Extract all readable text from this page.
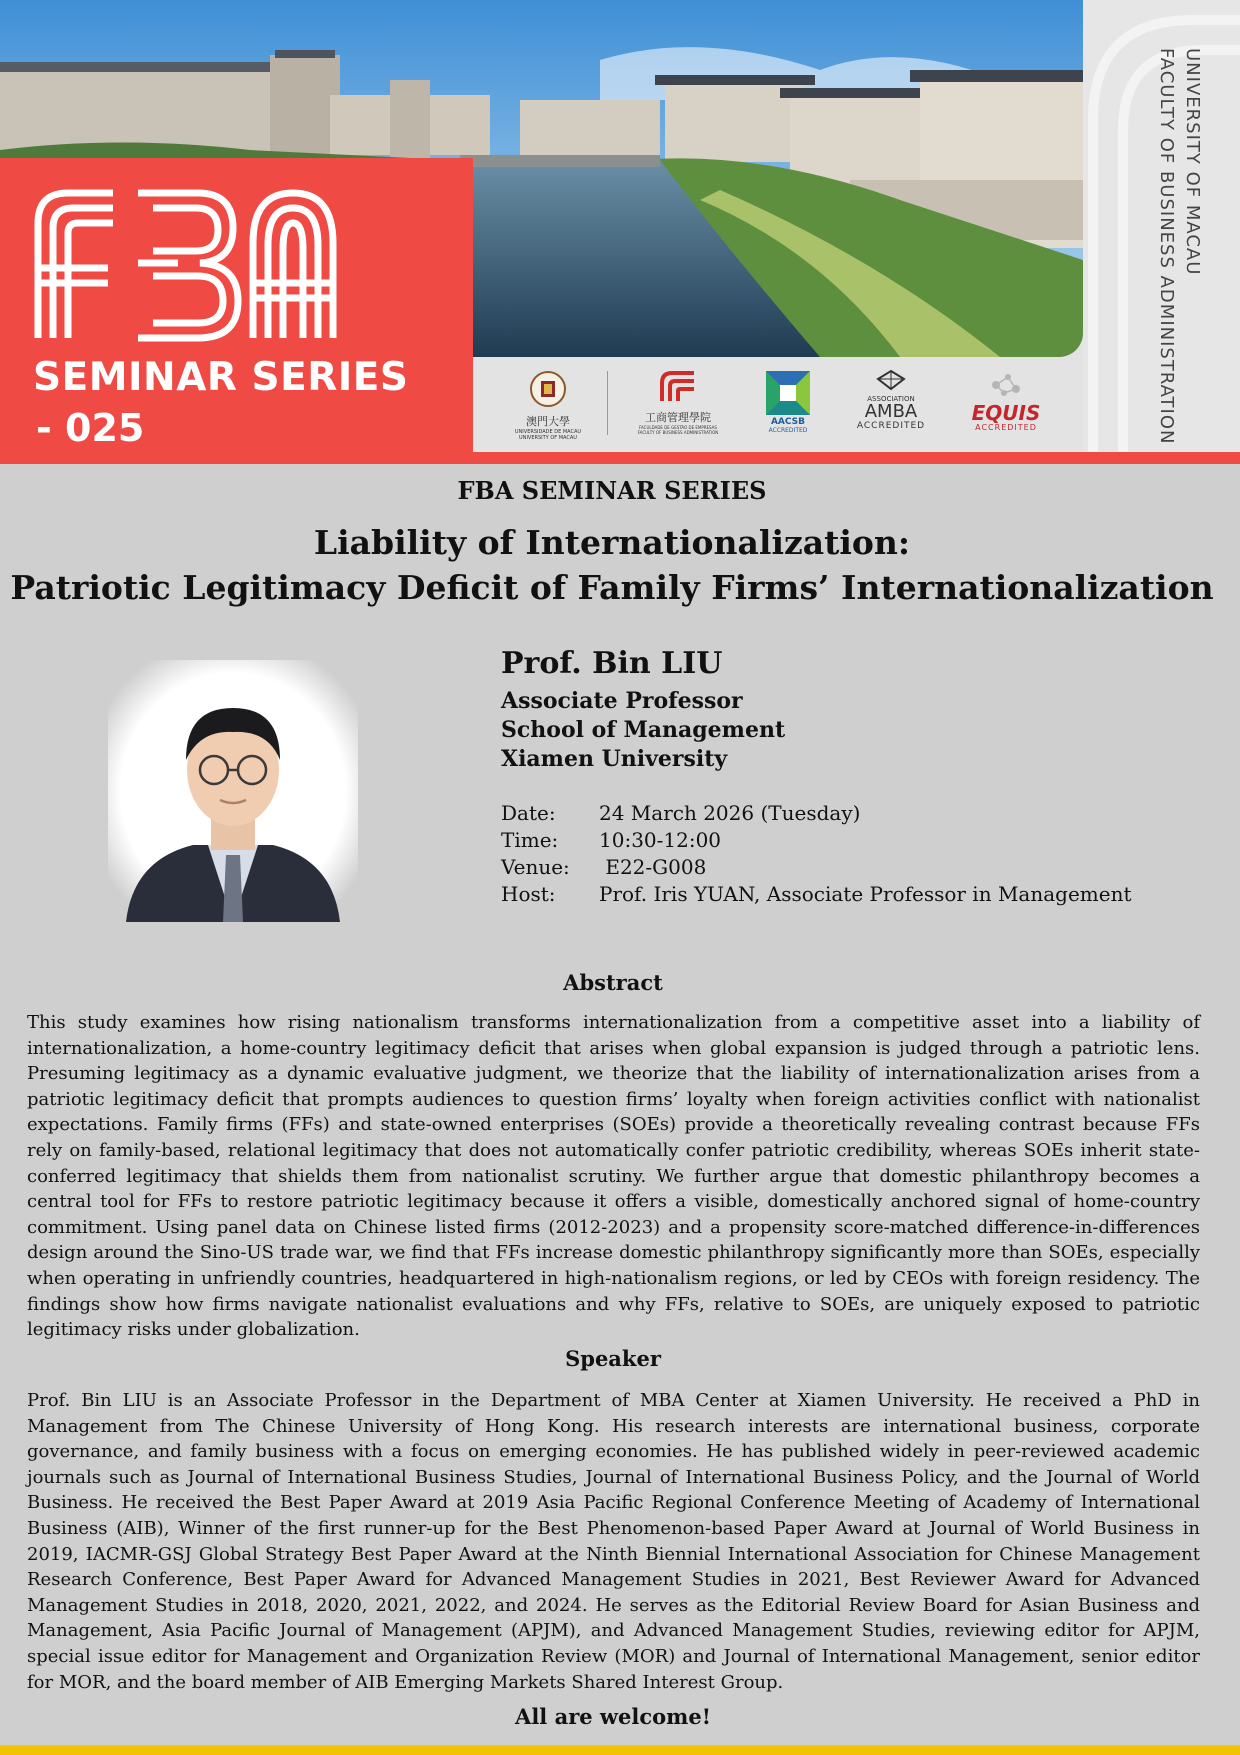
SEMINAR SERIES
- 025	澳門大學
UNIVERSIDADE DE MACAU
UNIVERSITY OF MACAU
工商管理學院
FACULDADE DE GESTÃO DE EMPRESAS
FACULTY OF BUSINESS ADMINISTRATION
AACSB
ACCREDITED
ASSOCIATION
AMBA
ACCREDITED
EQUIS
ACCREDITED
UNIVERSITY OF MACAU
FACULTY OF BUSINESS ADMINISTRATION
FBA SEMINAR SERIES
Liability of Internationalization:
Patriotic Legitimacy Deficit of Family Firms’ Internationalization
Prof. Bin LIU
Associate Professor
School of Management
Xiamen University
Date:	24 March 2026 (Tuesday)
Time:	10:30-12:00
Venue:	E22-G008
Host:	Prof. Iris YUAN, Associate Professor in Management
Abstract

This study examines how rising nationalism transforms internationalization from a competitive asset into a liability of internationalization, a home-country legitimacy deficit that arises when global expansion is judged through a patriotic lens. Presuming legitimacy as a dynamic evaluative judgment, we theorize that the liability of internationalization arises from a patriotic legitimacy deficit that prompts audiences to question firms’ loyalty when foreign activities conflict with nationalist expectations. Family firms (FFs) and state-owned enterprises (SOEs) provide a theoretically revealing contrast because FFs rely on family-based, relational legitimacy that does not automatically confer patriotic credibility, whereas SOEs inherit state-conferred legitimacy that shields them from nationalist scrutiny. We further argue that domestic philanthropy becomes a central tool for FFs to restore patriotic legitimacy because it offers a visible, domestically anchored signal of home-country commitment. Using panel data on Chinese listed firms (2012-2023) and a propensity score-matched difference-in-differences design around the Sino-US trade war, we find that FFs increase domestic philanthropy significantly more than SOEs, especially when operating in unfriendly countries, headquartered in high-nationalism regions, or led by CEOs with foreign residency. The findings show how firms navigate nationalist evaluations and why FFs, relative to SOEs, are uniquely exposed to patriotic legitimacy risks under globalization.

Speaker

Prof. Bin LIU is an Associate Professor in the Department of MBA Center at Xiamen University. He received a PhD in Management from The Chinese University of Hong Kong. His research interests are international business, corporate governance, and family business with a focus on emerging economies. He has published widely in peer-reviewed academic journals such as Journal of International Business Studies, Journal of International Business Policy, and the Journal of World Business. He received the Best Paper Award at 2019 Asia Pacific Regional Conference Meeting of Academy of International Business (AIB), Winner of the first runner-up for the Best Phenomenon-based Paper Award at Journal of World Business in 2019, IACMR-GSJ Global Strategy Best Paper Award at the Ninth Biennial International Association for Chinese Management Research Conference, Best Paper Award for Advanced Management Studies in 2021, Best Reviewer Award for Advanced Management Studies in 2018, 2020, 2021, 2022, and 2024. He serves as the Editorial Review Board for Asian Business and Management, Asia Pacific Journal of Management (APJM), and Advanced Management Studies, reviewing editor for APJM, special issue editor for Management and Organization Review (MOR) and Journal of International Management, senior editor for MOR, and the board member of AIB Emerging Markets Shared Interest Group.

All are welcome!
